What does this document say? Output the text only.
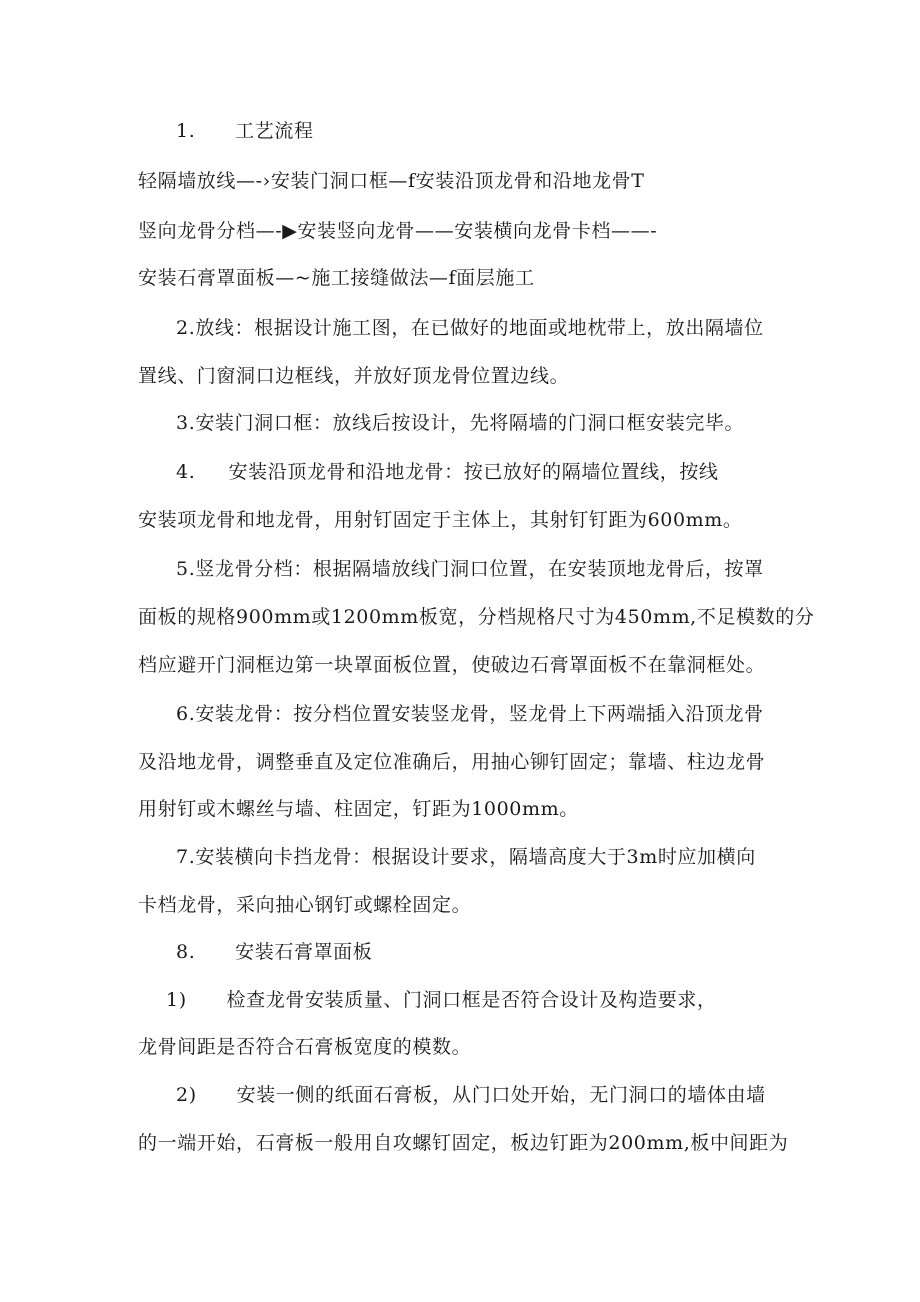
1.      工艺流程
轻隔墙放线—-›安装门洞口框—f安装沿顶龙骨和沿地龙骨T
竖向龙骨分档—-▶安装竖向龙骨——安装横向龙骨卡档——-
安装石膏罩面板—~施工接缝做法—f面层施工
2.放线：根据设计施工图，在已做好的地面或地枕带上，放出隔墙位
置线、门窗洞口边框线，并放好顶龙骨位置边线。
3.安装门洞口框：放线后按设计，先将隔墙的门洞口框安装完毕。
4.     安装沿顶龙骨和沿地龙骨：按已放好的隔墙位置线，按线
安装项龙骨和地龙骨，用射钉固定于主体上，其射钉钉距为600mm。
5.竖龙骨分档：根据隔墙放线门洞口位置，在安装顶地龙骨后，按罩
面板的规格900mm或1200mm板宽，分档规格尺寸为450mm,不足模数的分
档应避开门洞框边第一块罩面板位置，使破边石膏罩面板不在靠洞框处。
6.安装龙骨：按分档位置安装竖龙骨，竖龙骨上下两端插入沿顶龙骨
及沿地龙骨，调整垂直及定位准确后，用抽心铆钉固定；靠墙、柱边龙骨
用射钉或木螺丝与墙、柱固定，钉距为1000mm。
7.安装横向卡挡龙骨：根据设计要求，隔墙高度大于3m时应加横向
卡档龙骨，采向抽心钢钉或螺栓固定。
8.      安装石膏罩面板
1)      检查龙骨安装质量、门洞口框是否符合设计及构造要求，
龙骨间距是否符合石膏板宽度的模数。
2)      安装一侧的纸面石膏板，从门口处开始，无门洞口的墙体由墙
的一端开始，石膏板一般用自攻螺钉固定，板边钉距为200mm,板中间距为
